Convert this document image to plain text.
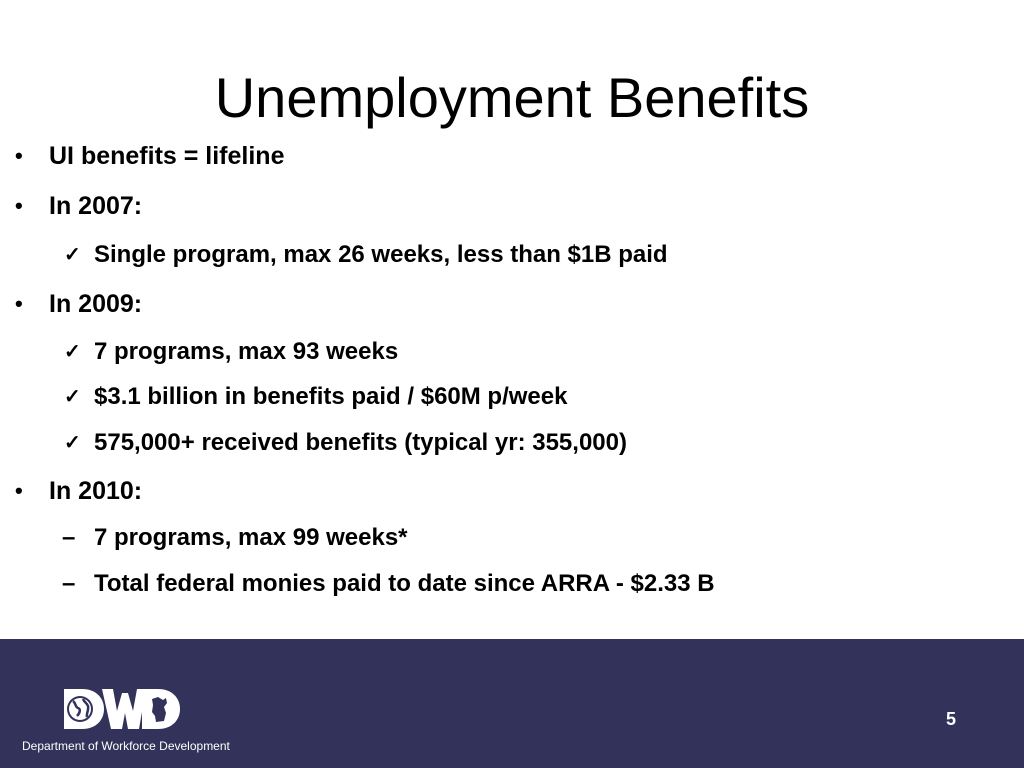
Unemployment Benefits
• UI benefits = lifeline
• In 2007:
✓ Single program, max 26 weeks, less than $1B paid
• In 2009:
✓ 7 programs, max 93 weeks
✓ $3.1 billion in benefits paid / $60M p/week
✓ 575,000+ received benefits (typical yr: 355,000)
• In 2010:
– 7 programs, max 99 weeks*
– Total federal monies paid to date since ARRA - $2.33 B
Department of Workforce Development
5
